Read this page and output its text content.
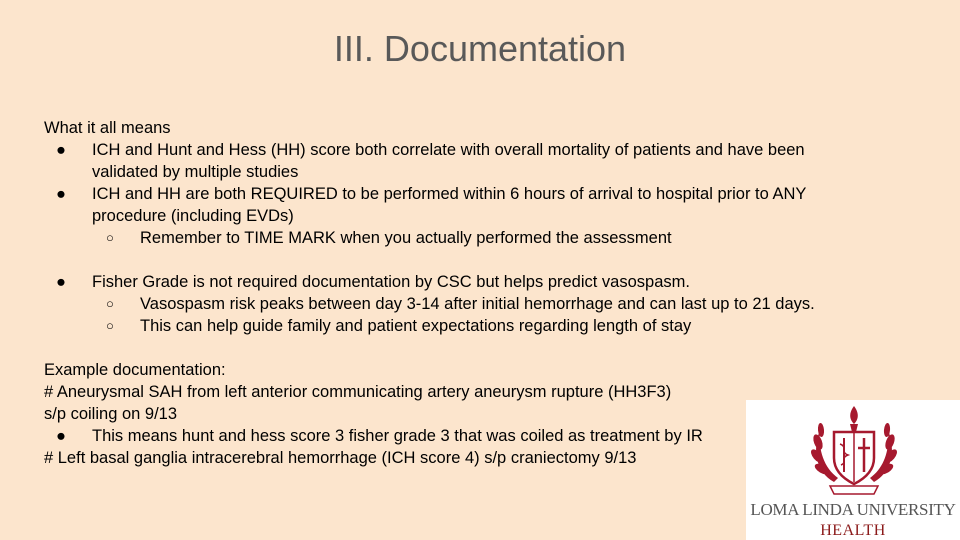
III. Documentation
What it all means
● ICH and Hunt and Hess (HH) score both correlate with overall mortality of patients and have been
validated by multiple studies
● ICH and HH are both REQUIRED to be performed within 6 hours of arrival to hospital prior to ANY
procedure (including EVDs)
○ Remember to TIME MARK when you actually performed the assessment
● Fisher Grade is not required documentation by CSC but helps predict vasospasm.
○ Vasospasm risk peaks between day 3-14 after initial hemorrhage and can last up to 21 days.
○ This can help guide family and patient expectations regarding length of stay
Example documentation:
# Aneurysmal SAH from left anterior communicating artery aneurysm rupture (HH3F3)
s/p coiling on 9/13
● This means hunt and hess score 3 fisher grade 3 that was coiled as treatment by IR
# Left basal ganglia intracerebral hemorrhage (ICH score 4) s/p craniectomy 9/13
LOMA LINDA UNIVERSITY
HEALTH
